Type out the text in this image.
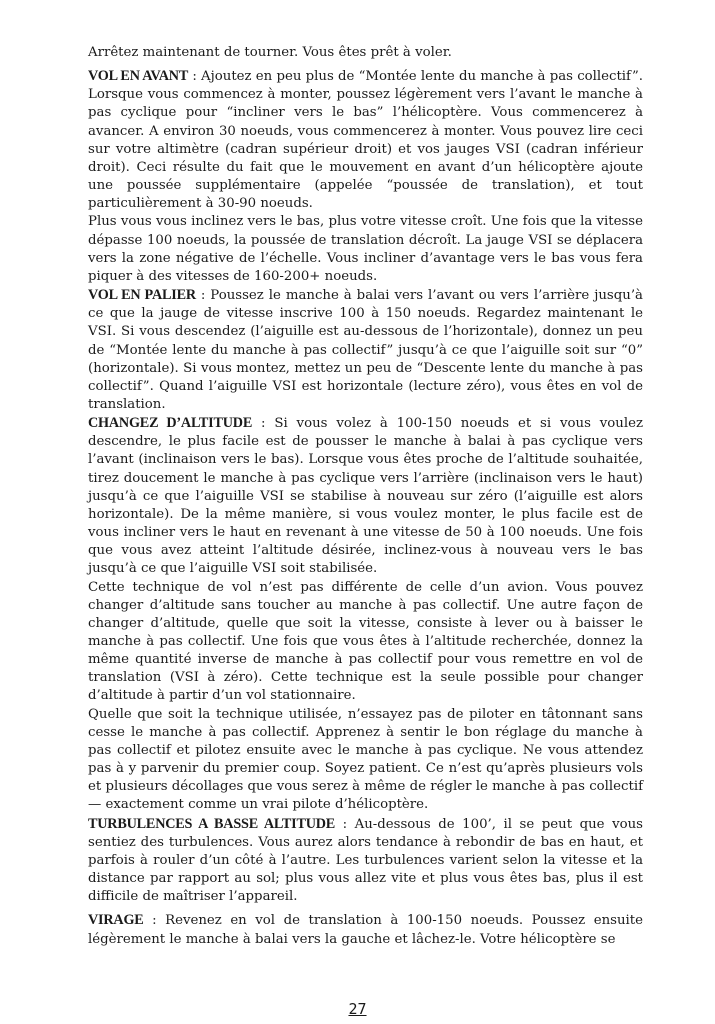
Arrêtez maintenant de tourner. Vous êtes prêt à voler.

VOL EN AVANT : Ajoutez en peu plus de “Montée lente du manche à pas collectif”. Lorsque vous commencez à monter, poussez légèrement vers l’avant le manche à pas cyclique pour “incliner vers le bas” l’hélicoptère. Vous commencerez à avancer. A environ 30 noeuds, vous commencerez à monter. Vous pouvez lire ceci sur votre altimètre (cadran supérieur droit) et vos jauges VSI (cadran inférieur droit). Ceci résulte du fait que le mouvement en avant d’un hélicoptère ajoute une poussée supplémentaire (appelée “poussée de translation), et tout particulièrement à 30-90 noeuds.

Plus vous vous inclinez vers le bas, plus votre vitesse croît. Une fois que la vitesse dépasse 100 noeuds, la poussée de translation décroît. La jauge VSI se déplacera vers la zone négative de l’échelle. Vous incliner d’avantage vers le bas vous fera piquer à des vitesses de 160-200+ noeuds.

VOL EN PALIER : Poussez le manche à balai vers l’avant ou vers l’arrière jusqu’à ce que la jauge de vitesse inscrive 100 à 150 noeuds. Regardez maintenant le VSI. Si vous descendez (l’aiguille est au-dessous de l’horizontale), donnez un peu de “Montée lente du manche à pas collectif” jusqu’à ce que l’aiguille soit sur “0” (horizontale). Si vous montez, mettez un peu de “Descente lente du manche à pas collectif”. Quand l’aiguille VSI est horizontale (lecture zéro), vous êtes en vol de translation.

CHANGEZ D’ALTITUDE : Si vous volez à 100-150 noeuds et si vous voulez descendre, le plus facile est de pousser le manche à balai à pas cyclique vers l’avant (inclinaison vers le bas). Lorsque vous êtes proche de l’altitude souhaitée, tirez doucement le manche à pas cyclique vers l’arrière (inclinaison vers le haut) jusqu’à ce que l’aiguille VSI se stabilise à nouveau sur zéro (l’aiguille est alors horizontale). De la même manière, si vous voulez monter, le plus facile est de vous incliner vers le haut en revenant à une vitesse de 50 à 100 noeuds. Une fois que vous avez atteint l’altitude désirée, inclinez-vous à nouveau vers le bas jusqu’à ce que l’aiguille VSI soit stabilisée.

Cette technique de vol n’est pas différente de celle d’un avion. Vous pouvez changer d’altitude sans toucher au manche à pas collectif. Une autre façon de changer d’altitude, quelle que soit la vitesse, consiste à lever ou à baisser le manche à pas collectif. Une fois que vous êtes à l’altitude recherchée, donnez la même quantité inverse de manche à pas collectif pour vous remettre en vol de translation (VSI à zéro). Cette technique est la seule possible pour changer d’altitude à partir d’un vol stationnaire.

Quelle que soit la technique utilisée, n’essayez pas de piloter en tâtonnant sans cesse le manche à pas collectif. Apprenez à sentir le bon réglage du manche à pas collectif et pilotez ensuite avec le manche à pas cyclique. Ne vous attendez pas à y parvenir du premier coup. Soyez patient. Ce n’est qu’après plusieurs vols et plusieurs décollages que vous serez à même de régler le manche à pas collectif — exactement comme un vrai pilote d’hélicoptère.

TURBULENCES A BASSE ALTITUDE : Au-dessous de 100’, il se peut que vous sentiez des turbulences. Vous aurez alors tendance à rebondir de bas en haut, et parfois à rouler d’un côté à l’autre. Les turbulences varient selon la vitesse et la distance par rapport au sol; plus vous allez vite et plus vous êtes bas, plus il est difficile de maîtriser l’appareil.

VIRAGE : Revenez en vol de translation à 100-150 noeuds. Poussez ensuite légèrement le manche à balai vers la gauche et lâchez-le. Votre hélicoptère se

27
